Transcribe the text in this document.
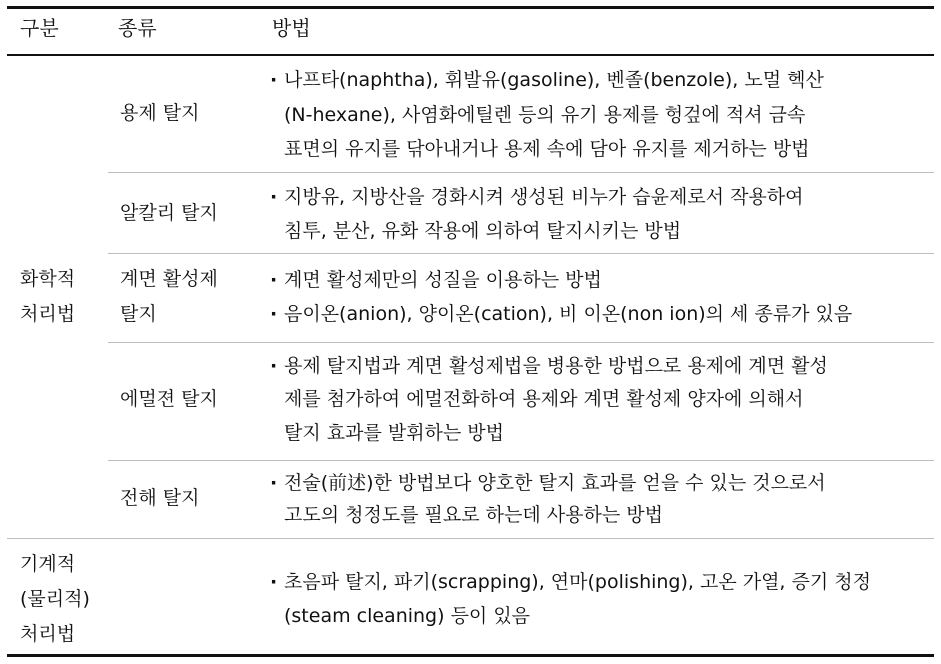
구분	종류	방법
화학적
처리법
기계적
(물리적)
처리법
용제 탈지
알칼리 탈지
계면 활성제
탈지
에멀젼 탈지
전해 탈지
· 나프타(naphtha), 휘발유(gasoline), 벤졸(benzole), 노멀 헥산
(N-hexane), 사염화에틸렌 등의 유기 용제를 헝겊에 적셔 금속
표면의 유지를 닦아내거나 용제 속에 담아 유지를 제거하는 방법
· 지방유, 지방산을 경화시켜 생성된 비누가 습윤제로서 작용하여
침투, 분산, 유화 작용에 의하여 탈지시키는 방법
· 계면 활성제만의 성질을 이용하는 방법
· 음이온(anion), 양이온(cation), 비 이온(non ion)의 세 종류가 있음
· 용제 탈지법과 계면 활성제법을 병용한 방법으로 용제에 계면 활성
제를 첨가하여 에멀전화하여 용제와 계면 활성제 양자에 의해서
탈지 효과를 발휘하는 방법
· 전술(前述)한 방법보다 양호한 탈지 효과를 얻을 수 있는 것으로서
고도의 청정도를 필요로 하는데 사용하는 방법
· 초음파 탈지, 파기(scrapping), 연마(polishing), 고온 가열, 증기 청정
(steam cleaning) 등이 있음
